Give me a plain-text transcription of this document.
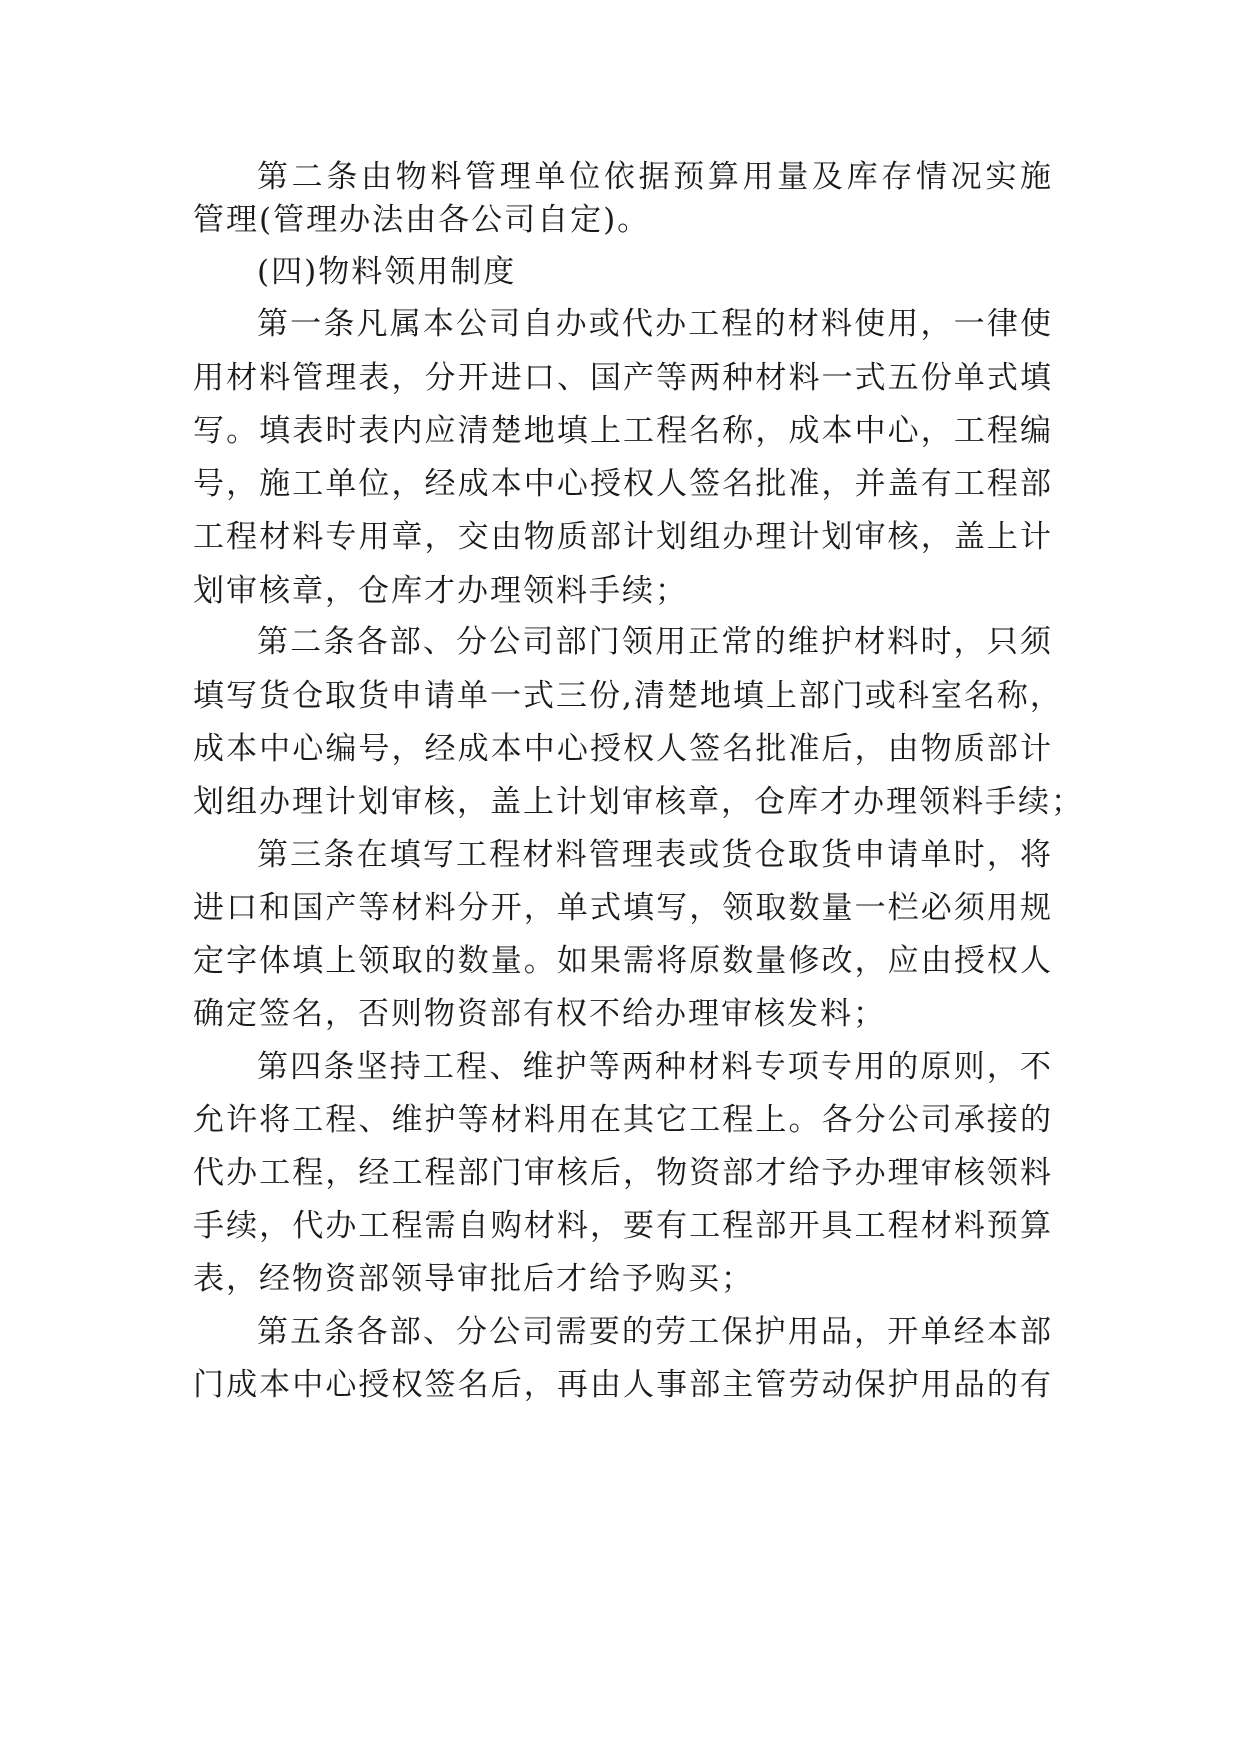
第二条由物料管理单位依据预算用量及库存情况实施
管理(管理办法由各公司自定)。
(四)物料领用制度
第一条凡属本公司自办或代办工程的材料使用，一律使
用材料管理表，分开进口、国产等两种材料一式五份单式填
写。填表时表内应清楚地填上工程名称，成本中心，工程编
号，施工单位，经成本中心授权人签名批准，并盖有工程部
工程材料专用章，交由物质部计划组办理计划审核，盖上计
划审核章，仓库才办理领料手续；
第二条各部、分公司部门领用正常的维护材料时，只须
填写货仓取货申请单一式三份,清楚地填上部门或科室名称，
成本中心编号，经成本中心授权人签名批准后，由物质部计
划组办理计划审核，盖上计划审核章，仓库才办理领料手续；
第三条在填写工程材料管理表或货仓取货申请单时，将
进口和国产等材料分开，单式填写，领取数量一栏必须用规
定字体填上领取的数量。如果需将原数量修改，应由授权人
确定签名，否则物资部有权不给办理审核发料；
第四条坚持工程、维护等两种材料专项专用的原则，不
允许将工程、维护等材料用在其它工程上。各分公司承接的
代办工程，经工程部门审核后，物资部才给予办理审核领料
手续，代办工程需自购材料，要有工程部开具工程材料预算
表，经物资部领导审批后才给予购买；
第五条各部、分公司需要的劳工保护用品，开单经本部
门成本中心授权签名后，再由人事部主管劳动保护用品的有
